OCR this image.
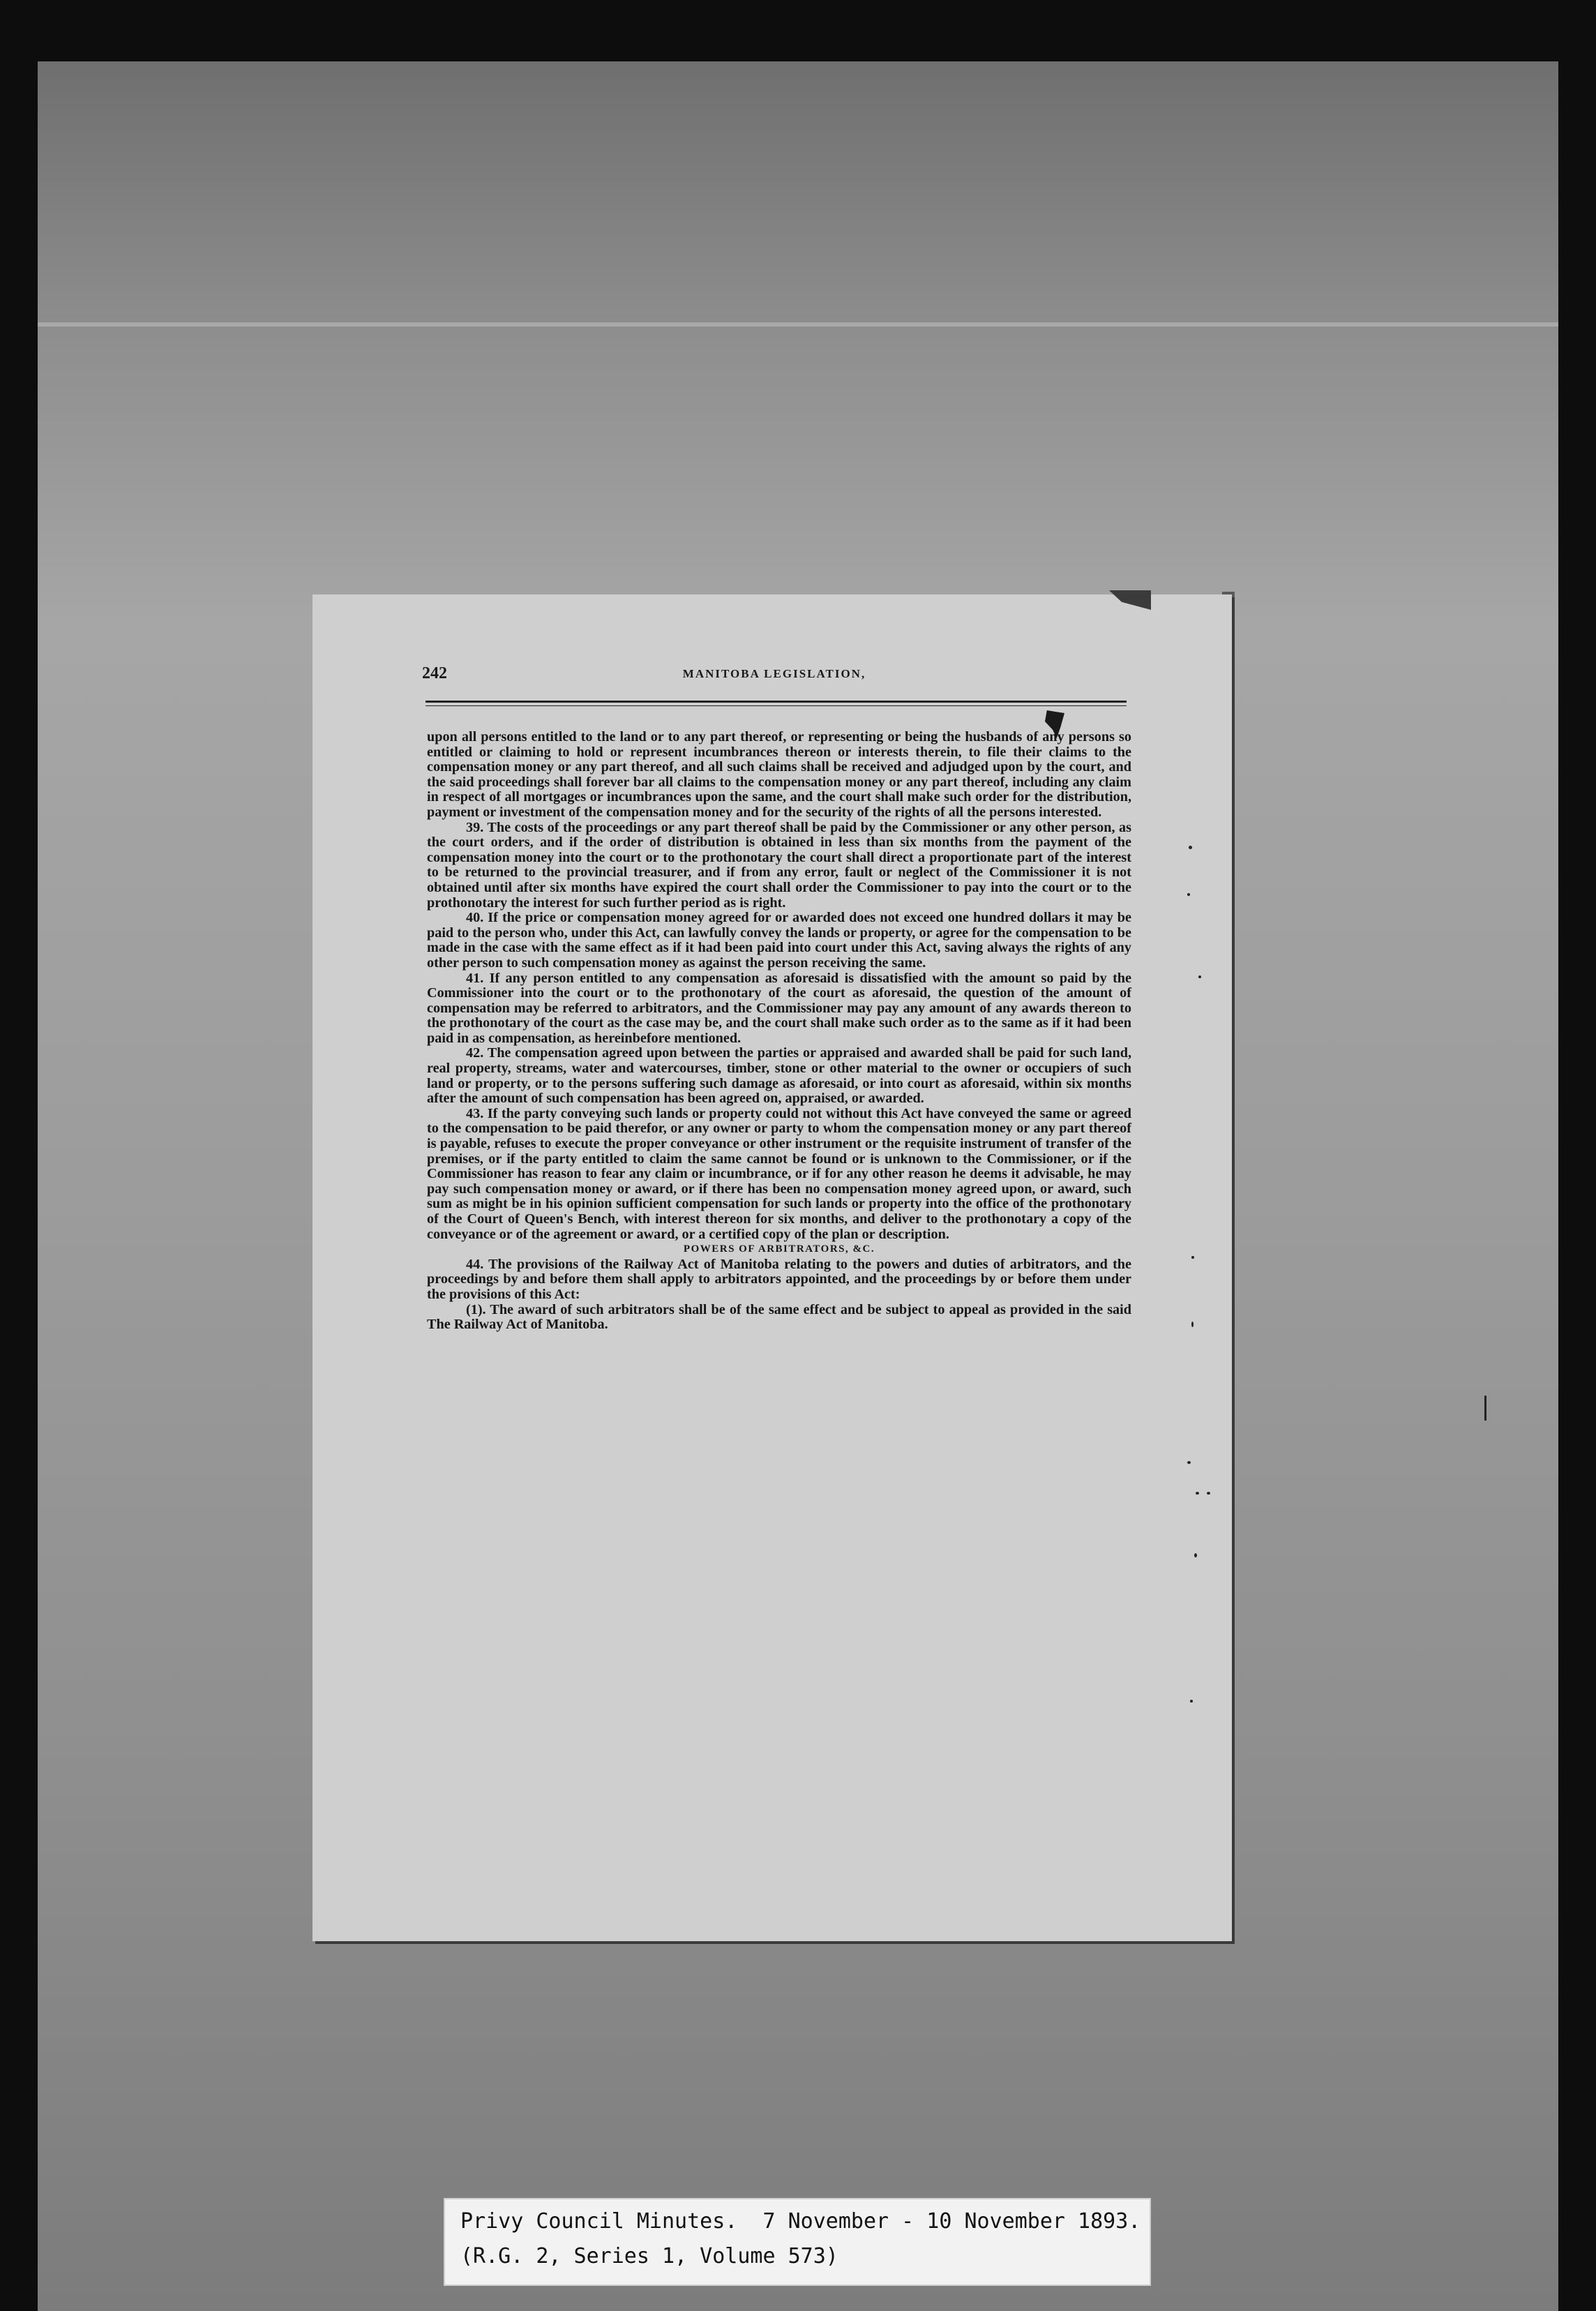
242	MANITOBA LEGISLATION,

upon all persons entitled to the land or to any part thereof, or representing or being the husbands of any persons so entitled or claiming to hold or represent incumbrances thereon or interests therein, to file their claims to the compensation money or any part thereof, and all such claims shall be received and adjudged upon by the court, and the said proceedings shall forever bar all claims to the compensation money or any part thereof, including any claim in respect of all mortgages or incumbrances upon the same, and the court shall make such order for the distribution, payment or investment of the compensation money and for the security of the rights of all the persons interested.

39. The costs of the proceedings or any part thereof shall be paid by the Commissioner or any other person, as the court orders, and if the order of distribution is obtained in less than six months from the payment of the compensation money into the court or to the prothonotary the court shall direct a proportionate part of the interest to be returned to the provincial treasurer, and if from any error, fault or neglect of the Commissioner it is not obtained until after six months have expired the court shall order the Commissioner to pay into the court or to the prothonotary the interest for such further period as is right.

40. If the price or compensation money agreed for or awarded does not exceed one hundred dollars it may be paid to the person who, under this Act, can lawfully convey the lands or property, or agree for the compensation to be made in the case with the same effect as if it had been paid into court under this Act, saving always the rights of any other person to such compensation money as against the person receiving the same.

41. If any person entitled to any compensation as aforesaid is dissatisfied with the amount so paid by the Commissioner into the court or to the prothonotary of the court as aforesaid, the question of the amount of compensation may be referred to arbitrators, and the Commissioner may pay any amount of any awards thereon to the prothonotary of the court as the case may be, and the court shall make such order as to the same as if it had been paid in as compensation, as hereinbefore mentioned.

42. The compensation agreed upon between the parties or appraised and awarded shall be paid for such land, real property, streams, water and watercourses, timber, stone or other material to the owner or occupiers of such land or property, or to the persons suffering such damage as aforesaid, or into court as aforesaid, within six months after the amount of such compensation has been agreed on, appraised, or awarded.

43. If the party conveying such lands or property could not without this Act have conveyed the same or agreed to the compensation to be paid therefor, or any owner or party to whom the compensation money or any part thereof is payable, refuses to execute the proper conveyance or other instrument or the requisite instrument of transfer of the premises, or if the party entitled to claim the same cannot be found or is unknown to the Commissioner, or if the Commissioner has reason to fear any claim or incumbrance, or if for any other reason he deems it advisable, he may pay such compensation money or award, or if there has been no compensation money agreed upon, or award, such sum as might be in his opinion sufficient compensation for such lands or property into the office of the prothonotary of the Court of Queen's Bench, with interest thereon for six months, and deliver to the prothonotary a copy of the conveyance or of the agreement or award, or a certified copy of the plan or description.

POWERS OF ARBITRATORS, &C.

44. The provisions of the Railway Act of Manitoba relating to the powers and duties of arbitrators, and the proceedings by and before them shall apply to arbitrators appointed, and the proceedings by or before them under the provisions of this Act:

(1). The award of such arbitrators shall be of the same effect and be subject to appeal as provided in the said The Railway Act of Manitoba.

Privy Council Minutes.  7 November - 10 November 1893.
(R.G. 2, Series 1, Volume 573)
